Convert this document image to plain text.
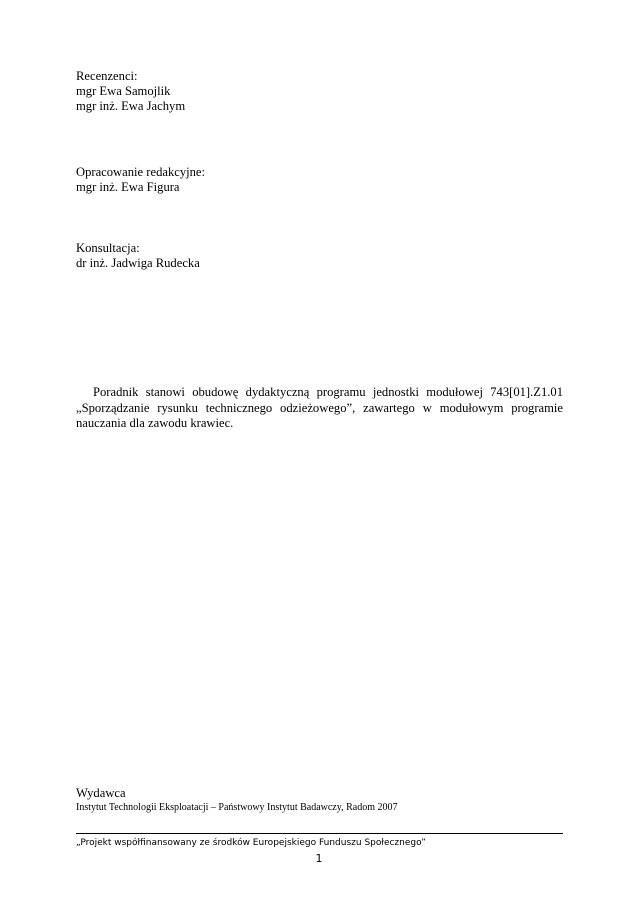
Recenzenci:
mgr Ewa Samojlik
mgr inż. Ewa Jachym
Opracowanie redakcyjne:
mgr inż. Ewa Figura
Konsultacja:
dr inż. Jadwiga Rudecka
Poradnik stanowi obudowę dydaktyczną programu jednostki modułowej 743[01].Z1.01 „Sporządzanie rysunku technicznego odzieżowego”, zawartego w modułowym programie nauczania dla zawodu krawiec.
Wydawca
Instytut Technologii Eksploatacji – Państwowy Instytut Badawczy, Radom 2007
„Projekt współfinansowany ze środków Europejskiego Funduszu Społecznego”
1
